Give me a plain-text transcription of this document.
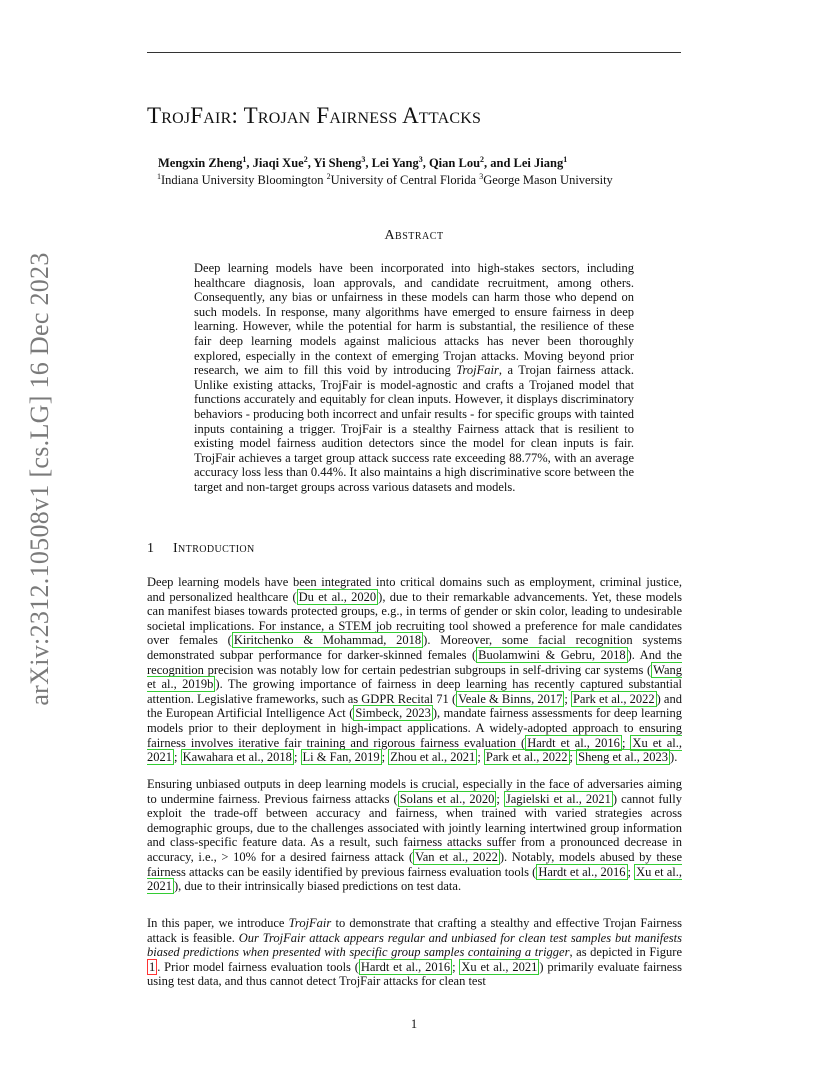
arXiv:2312.10508v1 [cs.LG] 16 Dec 2023
TrojFair: Trojan Fairness Attacks
Mengxin Zheng$^1$, Jiaqi Xue$^2$, Yi Sheng$^3$, Lei Yang$^3$, Qian Lou$^2$, and Lei Jiang$^1$
$^1$Indiana University Bloomington $^2$University of Central Florida $^3$George Mason University
Abstract
Deep learning models have been incorporated into high-stakes sectors, including healthcare diagnosis, loan approvals, and candidate recruitment, among others. Consequently, any bias or unfairness in these models can harm those who depend on such models. In response, many algorithms have emerged to ensure fairness in deep learning. However, while the potential for harm is substantial, the resilience of these fair deep learning models against malicious attacks has never been thoroughly explored, especially in the context of emerging Trojan attacks. Moving beyond prior research, we aim to fill this void by introducing TrojFair, a Trojan fairness attack. Unlike existing attacks, TrojFair is model-agnostic and crafts a Trojaned model that functions accurately and equitably for clean inputs. However, it displays discriminatory behaviors - producing both incorrect and unfair results - for specific groups with tainted inputs containing a trigger. TrojFair is a stealthy Fairness attack that is resilient to existing model fairness audition detectors since the model for clean inputs is fair. TrojFair achieves a target group attack success rate exceeding 88.77%, with an average accuracy loss less than 0.44%. It also maintains a high discriminative score between the target and non-target groups across various datasets and models.
1 Introduction
Deep learning models have been integrated into critical domains such as employment, criminal justice, and personalized healthcare ( Du et al., 2020 ), due to their remarkable advancements. Yet, these models can manifest biases towards protected groups, e.g., in terms of gender or skin color, leading to undesirable societal implications. For instance, a STEM job recruiting tool showed a preference for male candidates over females ( Kiritchenko & Mohammad, 2018 ). Moreover, some facial recognition systems demonstrated subpar performance for darker-skinned females ( Buolamwini & Gebru, 2018 ). And the recognition precision was notably low for certain pedestrian subgroups in self-driving car systems ( Wang et al., 2019b ). The growing importance of fairness in deep learning has recently captured substantial attention. Legislative frameworks, such as GDPR Recital 71 ( Veale & Binns, 2017 ; Park et al., 2022 ) and the European Artificial Intelligence Act ( Simbeck, 2023 ), mandate fairness assessments for deep learning models prior to their deployment in high-impact applications. A widely-adopted approach to ensuring fairness involves iterative fair training and rigorous fairness evaluation ( Hardt et al., 2016 ; Xu et al., 2021 ; Kawahara et al., 2018 ; Li & Fan, 2019 ; Zhou et al., 2021 ; Park et al., 2022 ; Sheng et al., 2023 ).
Ensuring unbiased outputs in deep learning models is crucial, especially in the face of adversaries aiming to undermine fairness. Previous fairness attacks ( Solans et al., 2020 ; Jagielski et al., 2021 ) cannot fully exploit the trade-off between accuracy and fairness, when trained with varied strategies across demographic groups, due to the challenges associated with jointly learning intertwined group information and class-specific feature data. As a result, such fairness attacks suffer from a pronounced decrease in accuracy, i.e., > 10% for a desired fairness attack ( Van et al., 2022 ). Notably, models abused by these fairness attacks can be easily identified by previous fairness evaluation tools ( Hardt et al., 2016 ; Xu et al., 2021 ), due to their intrinsically biased predictions on test data.
In this paper, we introduce TrojFair to demonstrate that crafting a stealthy and effective Trojan Fairness attack is feasible. Our TrojFair attack appears regular and unbiased for clean test samples but manifests biased predictions when presented with specific group samples containing a trigger, as depicted in Figure 1 . Prior model fairness evaluation tools ( Hardt et al., 2016 ; Xu et al., 2021 ) primarily evaluate fairness using test data, and thus cannot detect TrojFair attacks for clean test
1
